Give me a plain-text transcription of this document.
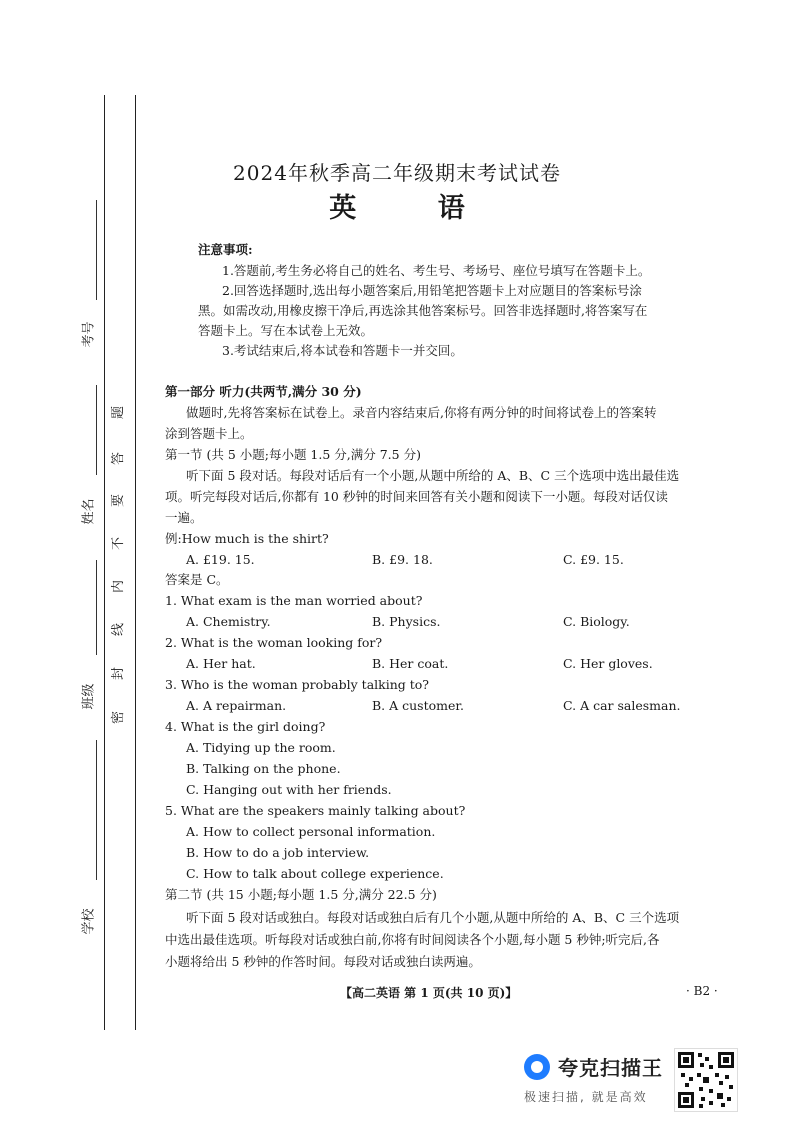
考号
姓名
班级
学校
题
答
要
不
内
线
封
密
2024年秋季高二年级期末考试试卷
英 语
注意事项:
1.答题前,考生务必将自己的姓名、考生号、考场号、座位号填写在答题卡上。
2.回答选择题时,选出每小题答案后,用铅笔把答题卡上对应题目的答案标号涂
黑。如需改动,用橡皮擦干净后,再选涂其他答案标号。回答非选择题时,将答案写在
答题卡上。写在本试卷上无效。
3.考试结束后,将本试卷和答题卡一并交回。
第一部分 听力(共两节,满分 30 分)
做题时,先将答案标在试卷上。录音内容结束后,你将有两分钟的时间将试卷上的答案转
涂到答题卡上。
第一节 (共 5 小题;每小题 1.5 分,满分 7.5 分)
听下面 5 段对话。每段对话后有一个小题,从题中所给的 A、B、C 三个选项中选出最佳选
项。听完每段对话后,你都有 10 秒钟的时间来回答有关小题和阅读下一小题。每段对话仅读
一遍。
例:How much is the shirt?
A. £19. 15.	B. £9. 18.	C. £9. 15.
答案是 C。
1. What exam is the man worried about?
A. Chemistry.	B. Physics.	C. Biology.
2. What is the woman looking for?
A. Her hat.	B. Her coat.	C. Her gloves.
3. Who is the woman probably talking to?
A. A repairman.	B. A customer.	C. A car salesman.
4. What is the girl doing?
A. Tidying up the room.
B. Talking on the phone.
C. Hanging out with her friends.
5. What are the speakers mainly talking about?
A. How to collect personal information.
B. How to do a job interview.
C. How to talk about college experience.
第二节 (共 15 小题;每小题 1.5 分,满分 22.5 分)
听下面 5 段对话或独白。每段对话或独白后有几个小题,从题中所给的 A、B、C 三个选项
中选出最佳选项。听每段对话或独白前,你将有时间阅读各个小题,每小题 5 秒钟;听完后,各
小题将给出 5 秒钟的作答时间。每段对话或独白读两遍。
【高二英语 第 1 页(共 10 页)】	· B2 ·
夸克扫描王
极速扫描, 就是高效
